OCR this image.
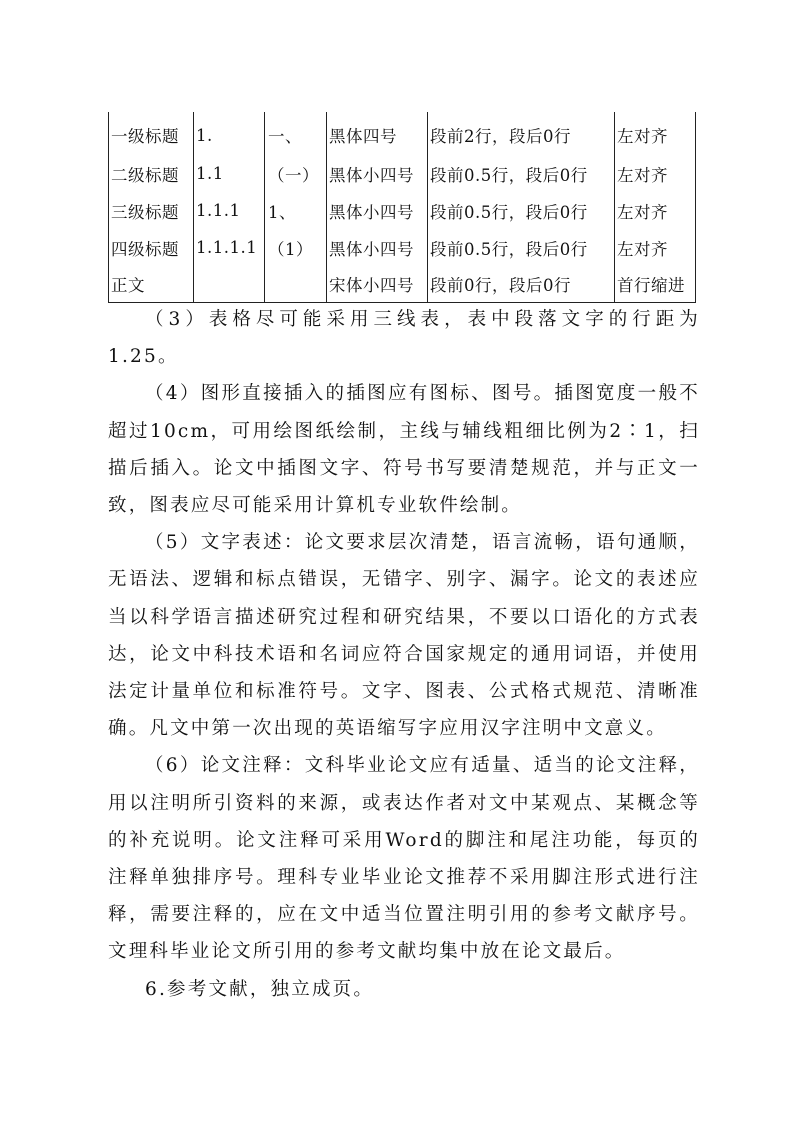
一级标题	1.	一、	黑体四号	段前2行，段后0行	左对齐
二级标题	1.1	（一）	黑体小四号	段前0.5行，段后0行	左对齐
三级标题	1.1.1	1、	黑体小四号	段前0.5行，段后0行	左对齐
四级标题	1.1.1.1	（1）	黑体小四号	段前0.5行，段后0行	左对齐
正文			宋体小四号	段前0行，段后0行	首行缩进

（3）表格尽可能采用三线表，表中段落文字的行距为1.25。

（4）图形直接插入的插图应有图标、图号。插图宽度一般不超过10cm，可用绘图纸绘制，主线与辅线粗细比例为2∶1，扫描后插入。论文中插图文字、符号书写要清楚规范，并与正文一致，图表应尽可能采用计算机专业软件绘制。

（5）文字表述：论文要求层次清楚，语言流畅，语句通顺，无语法、逻辑和标点错误，无错字、别字、漏字。论文的表述应当以科学语言描述研究过程和研究结果，不要以口语化的方式表达，论文中科技术语和名词应符合国家规定的通用词语，并使用法定计量单位和标准符号。文字、图表、公式格式规范、清晰准确。凡文中第一次出现的英语缩写字应用汉字注明中文意义。

（6）论文注释：文科毕业论文应有适量、适当的论文注释，用以注明所引资料的来源，或表达作者对文中某观点、某概念等的补充说明。论文注释可采用Word的脚注和尾注功能，每页的注释单独排序号。理科专业毕业论文推荐不采用脚注形式进行注释，需要注释的，应在文中适当位置注明引用的参考文献序号。文理科毕业论文所引用的参考文献均集中放在论文最后。

6.参考文献，独立成页。
